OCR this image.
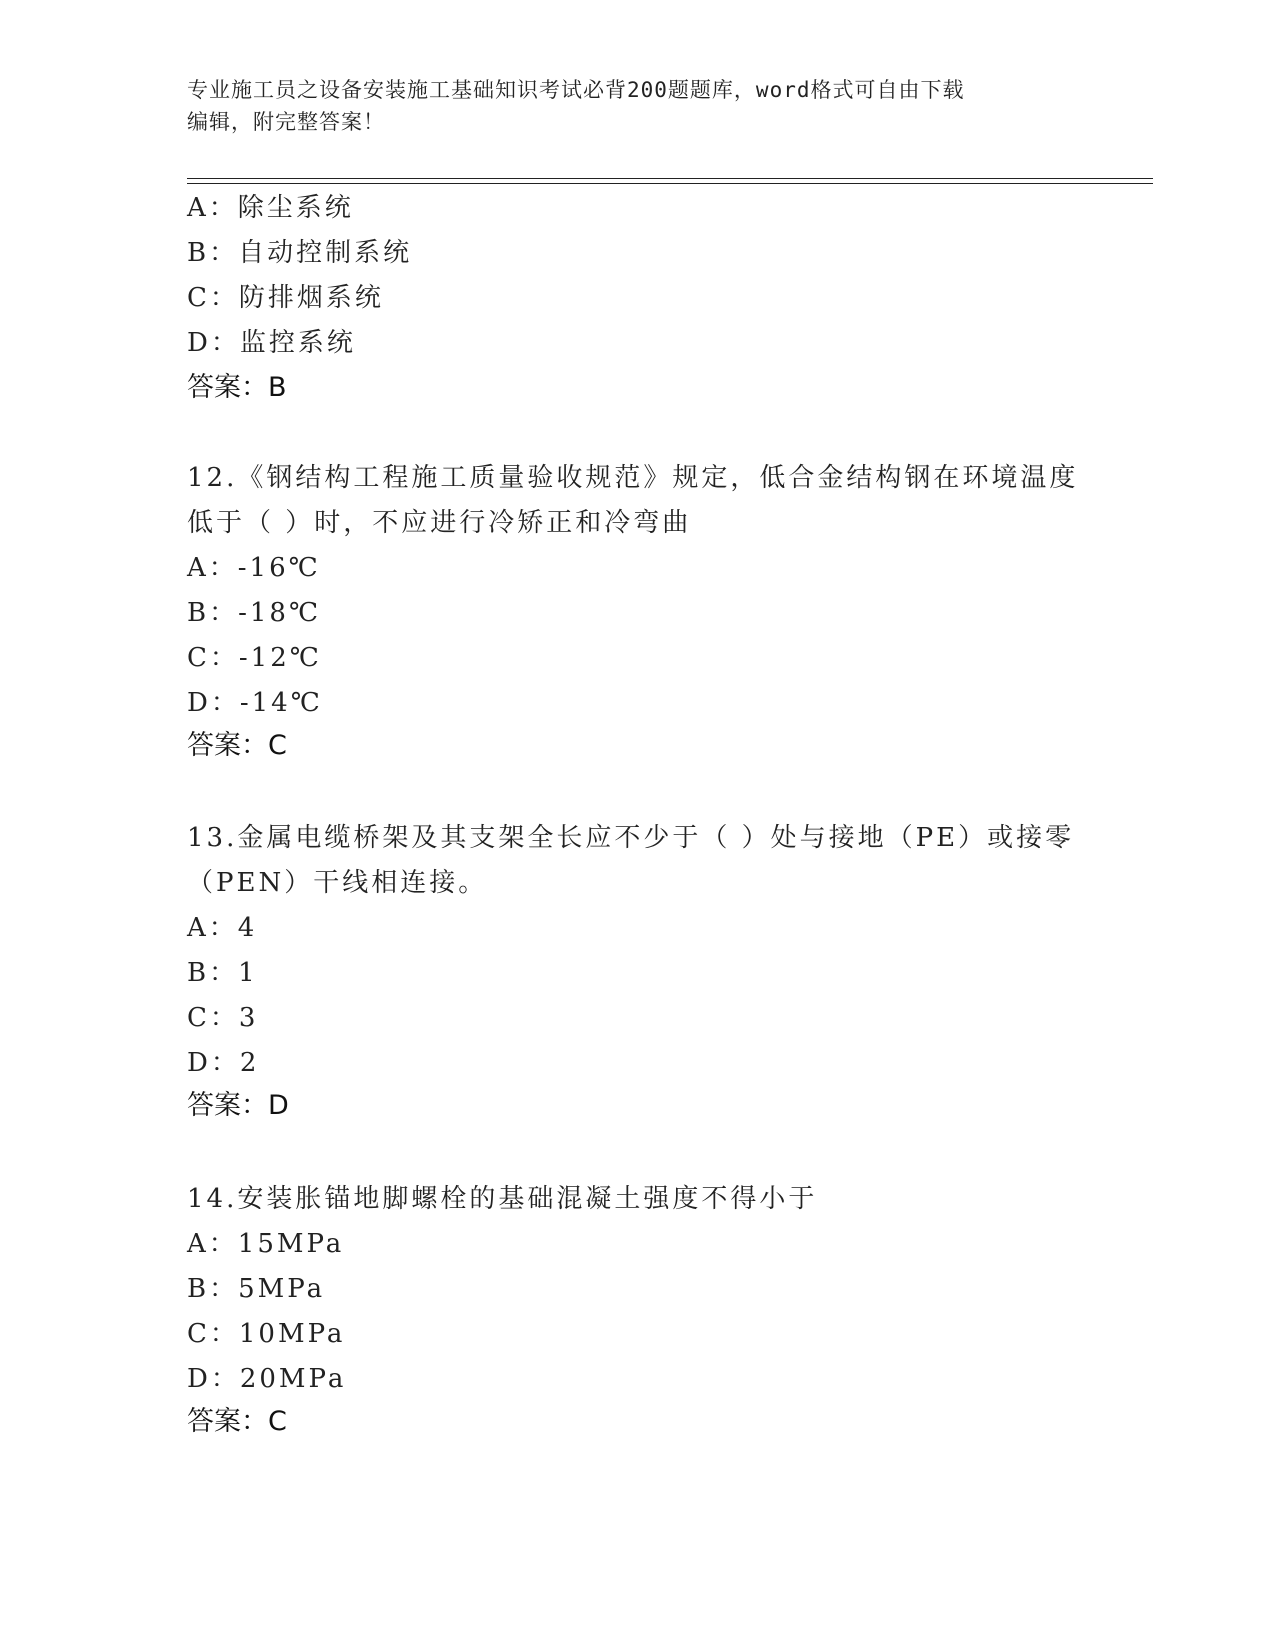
专业施工员之设备安装施工基础知识考试必背200题题库，word格式可自由下载
编辑，附完整答案！
A：除尘系统
B：自动控制系统
C：防排烟系统
D：监控系统
答案：B
12.《钢结构工程施工质量验收规范》规定，低合金结构钢在环境温度
低于（ ）时，不应进行冷矫正和冷弯曲
A：-16℃
B：-18℃
C：-12℃
D：-14℃
答案：C
13.金属电缆桥架及其支架全长应不少于（ ）处与接地（PE）或接零
（PEN）干线相连接。
A：4
B：1
C：3
D：2
答案：D
14.安装胀锚地脚螺栓的基础混凝土强度不得小于
A：15MPa
B：5MPa
C：10MPa
D：20MPa
答案：C
